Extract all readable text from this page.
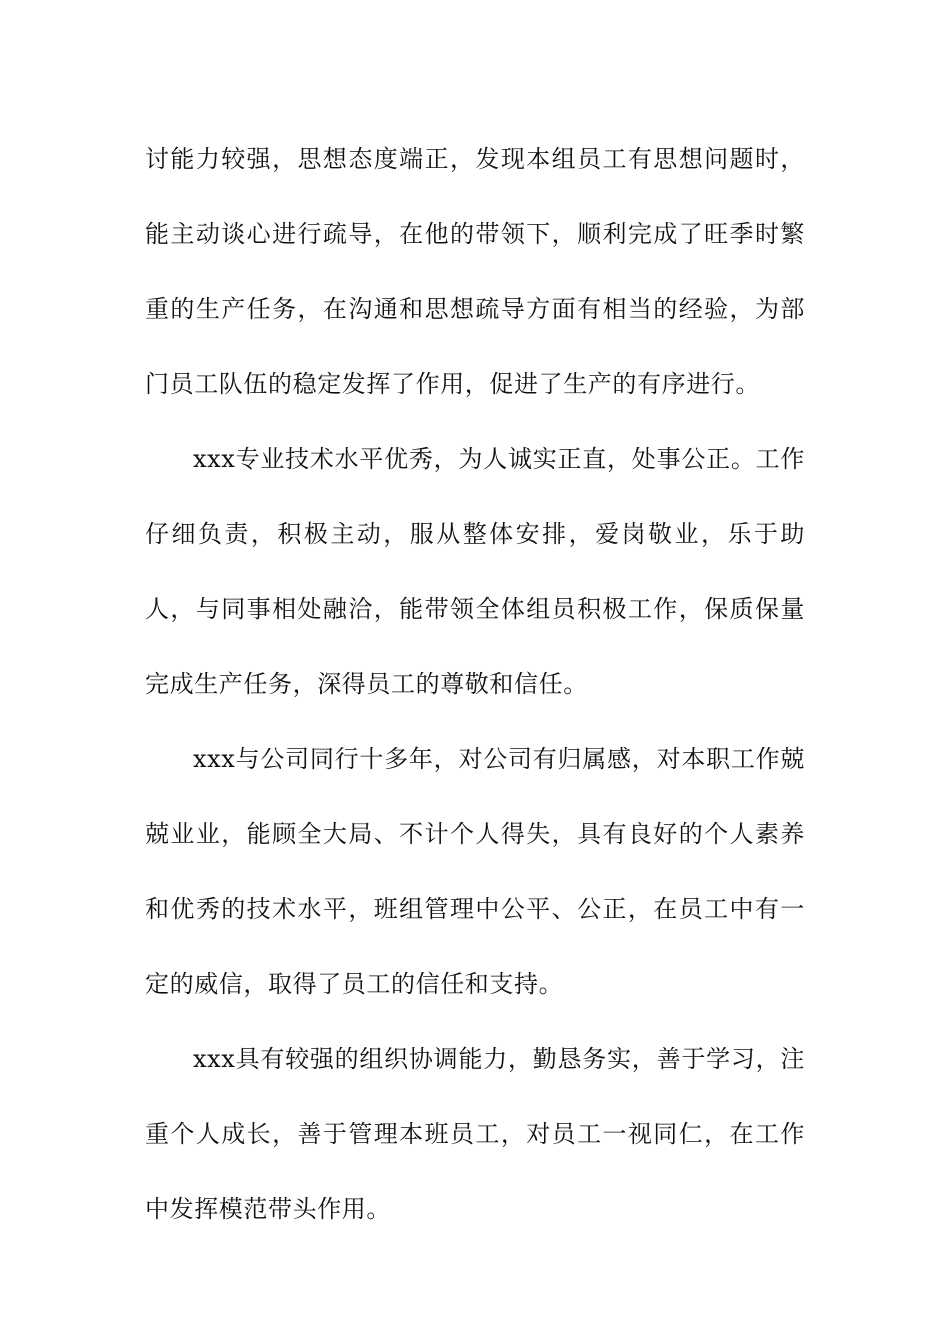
讨能力较强，思想态度端正，发现本组员工有思想问题时，能主动谈心进行疏导，在他的带领下，顺利完成了旺季时繁重的生产任务，在沟通和思想疏导方面有相当的经验，为部门员工队伍的稳定发挥了作用，促进了生产的有序进行。

xxx专业技术水平优秀，为人诚实正直，处事公正。工作仔细负责，积极主动，服从整体安排，爱岗敬业，乐于助人，与同事相处融洽，能带领全体组员积极工作，保质保量完成生产任务，深得员工的尊敬和信任。

xxx与公司同行十多年，对公司有归属感，对本职工作兢兢业业，能顾全大局、不计个人得失，具有良好的个人素养和优秀的技术水平，班组管理中公平、公正，在员工中有一定的威信，取得了员工的信任和支持。

xxx具有较强的组织协调能力，勤恳务实，善于学习，注重个人成长，善于管理本班员工，对员工一视同仁，在工作中发挥模范带头作用。
